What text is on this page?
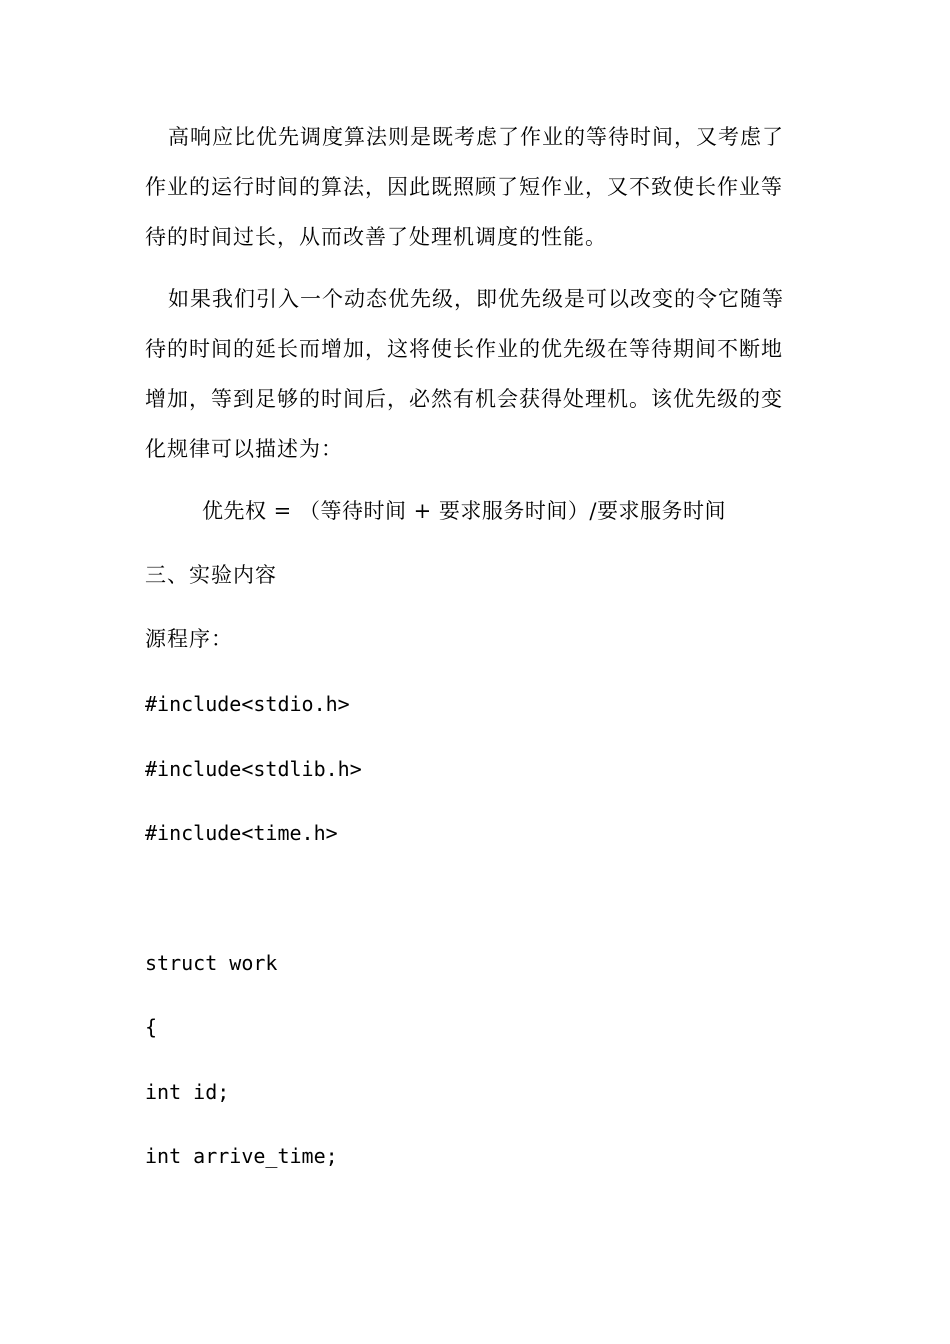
高响应比优先调度算法则是既考虑了作业的等待时间，又考虑了
作业的运行时间的算法，因此既照顾了短作业，又不致使长作业等
待的时间过长，从而改善了处理机调度的性能。
如果我们引入一个动态优先级，即优先级是可以改变的令它随等
待的时间的延长而增加，这将使长作业的优先级在等待期间不断地
增加，等到足够的时间后，必然有机会获得处理机。该优先级的变
化规律可以描述为：
优先权 = （等待时间 + 要求服务时间）/要求服务时间
三、实验内容
源程序：
#include<stdio.h>
#include<stdlib.h>
#include<time.h>
struct work
{
int id;
int arrive_time;
